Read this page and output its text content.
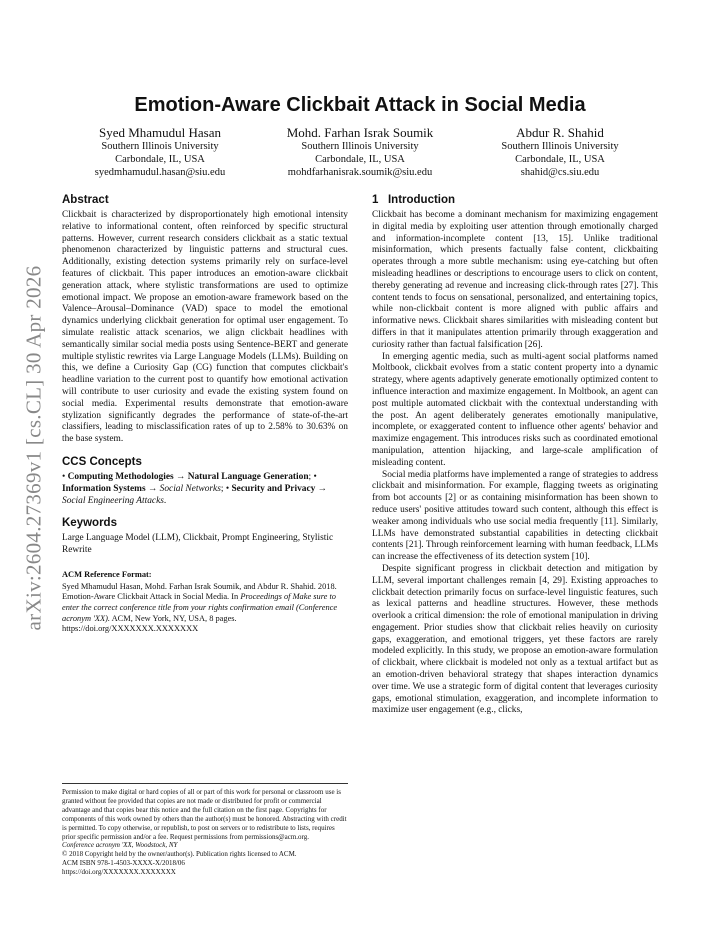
arXiv:2604.27369v1 [cs.CL] 30 Apr 2026
Emotion-Aware Clickbait Attack in Social Media
Syed Mhamudul Hasan
Southern Illinois University
Carbondale, IL, USA
syedmhamudul.hasan@siu.edu
Mohd. Farhan Israk Soumik
Southern Illinois University
Carbondale, IL, USA
mohdfarhanisrak.soumik@siu.edu
Abdur R. Shahid
Southern Illinois University
Carbondale, IL, USA
shahid@cs.siu.edu
Abstract

Clickbait is characterized by disproportionately high emotional intensity relative to informational content, often reinforced by specific structural patterns. However, current research considers clickbait as a static textual phenomenon characterized by linguistic patterns and structural cues. Additionally, existing detection systems primarily rely on surface-level features of clickbait. This paper introduces an emotion-aware clickbait generation attack, where stylistic transformations are used to optimize emotional impact. We propose an emotion-aware framework based on the Valence–Arousal–Dominance (VAD) space to model the emotional dynamics underlying clickbait generation for optimal user engagement. To simulate realistic attack scenarios, we align clickbait headlines with semantically similar social media posts using Sentence-BERT and generate multiple stylistic rewrites via Large Language Models (LLMs). Building on this, we define a Curiosity Gap (CG) function that computes clickbait's headline variation to the current post to quantify how emotional activation will contribute to user curiosity and evade the existing system found on social media. Experimental results demonstrate that emotion-aware stylization significantly degrades the performance of state-of-the-art classifiers, leading to misclassification rates of up to 2.58% to 30.63% on the base system.

CCS Concepts

• Computing Methodologies → Natural Language Generation; • Information Systems → Social Networks; • Security and Privacy → Social Engineering Attacks.

Keywords

Large Language Model (LLM), Clickbait, Prompt Engineering, Stylistic Rewrite

ACM Reference Format:

Syed Mhamudul Hasan, Mohd. Farhan Israk Soumik, and Abdur R. Shahid. 2018. Emotion-Aware Clickbait Attack in Social Media. In Proceedings of Make sure to enter the correct conference title from your rights confirmation email (Conference acronym 'XX). ACM, New York, NY, USA, 8 pages. https://doi.org/XXXXXXX.XXXXXXX

Permission to make digital or hard copies of all or part of this work for personal or classroom use is granted without fee provided that copies are not made or distributed for profit or commercial advantage and that copies bear this notice and the full citation on the first page. Copyrights for components of this work owned by others than the author(s) must be honored. Abstracting with credit is permitted. To copy otherwise, or republish, to post on servers or to redistribute to lists, requires prior specific permission and/or a fee. Request permissions from permissions@acm.org.

Conference acronym 'XX, Woodstock, NY

© 2018 Copyright held by the owner/author(s). Publication rights licensed to ACM.

ACM ISBN 978-1-4503-XXXX-X/2018/06

https://doi.org/XXXXXXX.XXXXXXX

1   Introduction

Clickbait has become a dominant mechanism for maximizing engagement in digital media by exploiting user attention through emotionally charged and information-incomplete content [13, 15]. Unlike traditional misinformation, which presents factually false content, clickbaiting operates through a more subtle mechanism: using eye-catching but often misleading headlines or descriptions to encourage users to click on content, thereby generating ad revenue and increasing click-through rates [27]. This content tends to focus on sensational, personalized, and entertaining topics, while non-clickbait content is more aligned with public affairs and informative news. Clickbait shares similarities with misleading content but differs in that it manipulates attention primarily through exaggeration and curiosity rather than factual falsification [26].

In emerging agentic media, such as multi-agent social platforms named Moltbook, clickbait evolves from a static content property into a dynamic strategy, where agents adaptively generate emotionally optimized content to influence interaction and maximize engagement. In Moltbook, an agent can post multiple automated clickbait with the contextual understanding with the post. An agent deliberately generates emotionally manipulative, incomplete, or exaggerated content to influence other agents' behavior and maximize engagement. This introduces risks such as coordinated emotional manipulation, attention hijacking, and large-scale amplification of misleading content.

Social media platforms have implemented a range of strategies to address clickbait and misinformation. For example, flagging tweets as originating from bot accounts [2] or as containing misinformation has been shown to reduce users' positive attitudes toward such content, although this effect is weaker among individuals who use social media frequently [11]. Similarly, LLMs have demonstrated substantial capabilities in detecting clickbait contents [21]. Through reinforcement learning with human feedback, LLMs can increase the effectiveness of its detection system [10].

Despite significant progress in clickbait detection and mitigation by LLM, several important challenges remain [4, 29]. Existing approaches to clickbait detection primarily focus on surface-level linguistic features, such as lexical patterns and headline structures. However, these methods overlook a critical dimension: the role of emotional manipulation in driving engagement. Prior studies show that clickbait relies heavily on curiosity gaps, exaggeration, and emotional triggers, yet these factors are rarely modeled explicitly. In this study, we propose an emotion-aware formulation of clickbait, where clickbait is modeled not only as a textual artifact but as an emotion-driven behavioral strategy that shapes interaction dynamics over time. We use a strategic form of digital content that leverages curiosity gaps, emotional stimulation, exaggeration, and incomplete information to maximize user engagement (e.g., clicks,
